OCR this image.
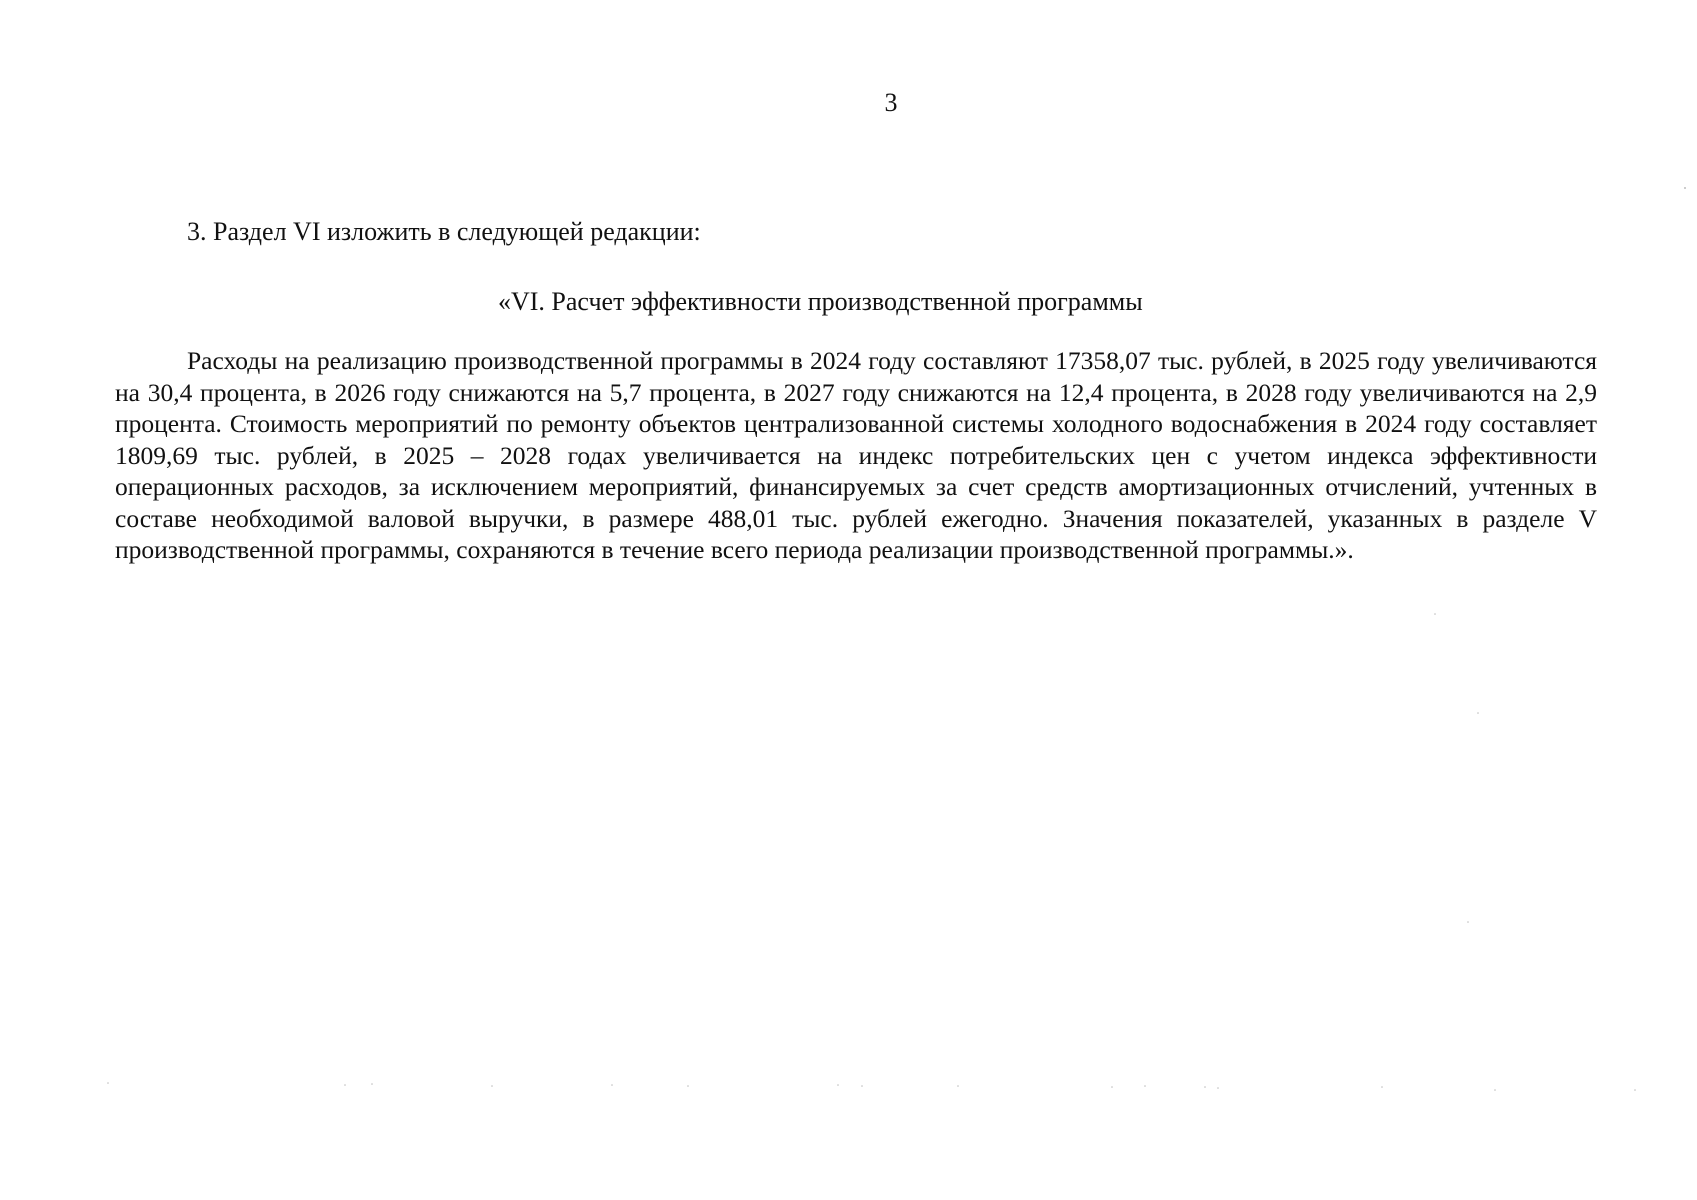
3
3. Раздел VI изложить в следующей редакции:
«VI. Расчет эффективности производственной программы

Расходы на реализацию производственной программы в 2024 году составляют 17358,07 тыс. рублей, в 2025 году увеличиваются на 30,4 процента, в 2026 году снижаются на 5,7 процента, в 2027 году снижаются на 12,4 процента, в 2028 году увеличиваются на 2,9 процента. Стоимость мероприятий по ремонту объектов централизованной системы холодного водоснабжения в 2024 году составляет 1809,69 тыс. рублей, в 2025 – 2028 годах увеличивается на индекс потребительских цен с учетом индекса эффективности операционных расходов, за исключением мероприятий, финансируемых за счет средств амортизационных отчислений, учтенных в составе необходимой валовой выручки, в размере 488,01 тыс. рублей ежегодно. Значения показателей, указанных в разделе V производственной программы, сохраняются в течение всего периода реализации производственной программы.».
